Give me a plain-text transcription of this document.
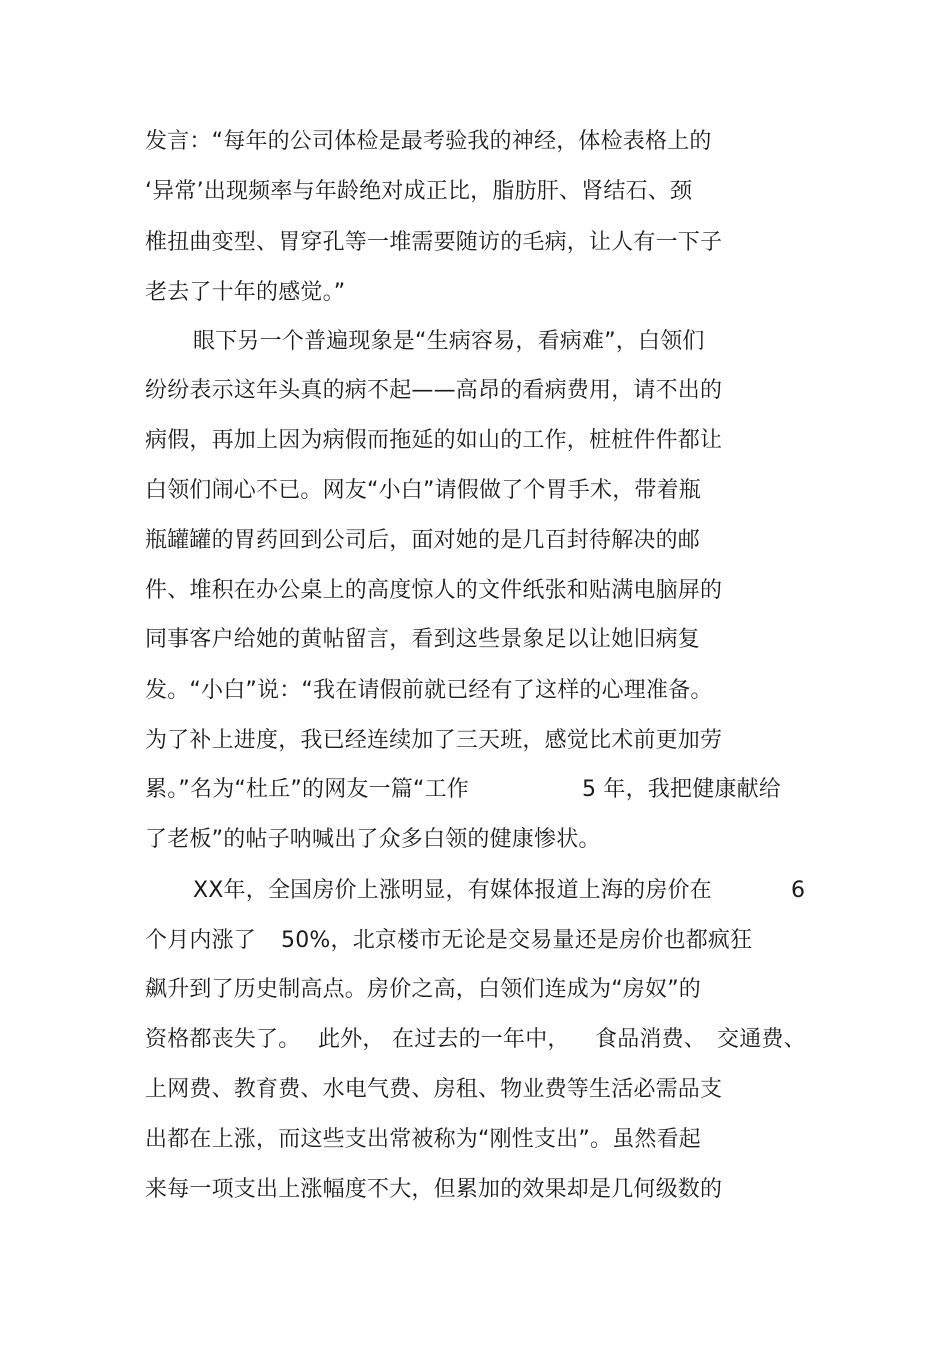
发言：“每年的公司体检是最考验我的神经，体检表格上的
‘异常’出现频率与年龄绝对成正比，脂肪肝、肾结石、颈
椎扭曲变型、胃穿孔等一堆需要随访的毛病，让人有一下子
老去了十年的感觉。”
眼下另一个普遍现象是“生病容易，看病难”，白领们
纷纷表示这年头真的病不起——高昂的看病费用，请不出的
病假，再加上因为病假而拖延的如山的工作，桩桩件件都让
白领们闹心不已。网友“小白”请假做了个胃手术，带着瓶
瓶罐罐的胃药回到公司后，面对她的是几百封待解决的邮
件、堆积在办公桌上的高度惊人的文件纸张和贴满电脑屏的
同事客户给她的黄帖留言，看到这些景象足以让她旧病复
发。“小白”说：“我在请假前就已经有了这样的心理准备。
为了补上进度，我已经连续加了三天班，感觉比术前更加劳

累。”名为“杜丘”的网友一篇“工作

	5 年，我把健康献给

了老板”的帖子呐喊出了众多白领的健康惨状。

XX年，全国房价上涨明显，有媒体报道上海的房价在

	6

个月内涨了

50%，北京楼市无论是交易量还是房价也都疯狂

飙升到了历史制高点。房价之高，白领们连成为“房奴”的

资格都丧失了。

此外，

在过去的一年中，

食品消费、

交通费、

上网费、教育费、水电气费、房租、物业费等生活必需品支
出都在上涨，而这些支出常被称为“刚性支出”。虽然看起
来每一项支出上涨幅度不大，但累加的效果却是几何级数的
